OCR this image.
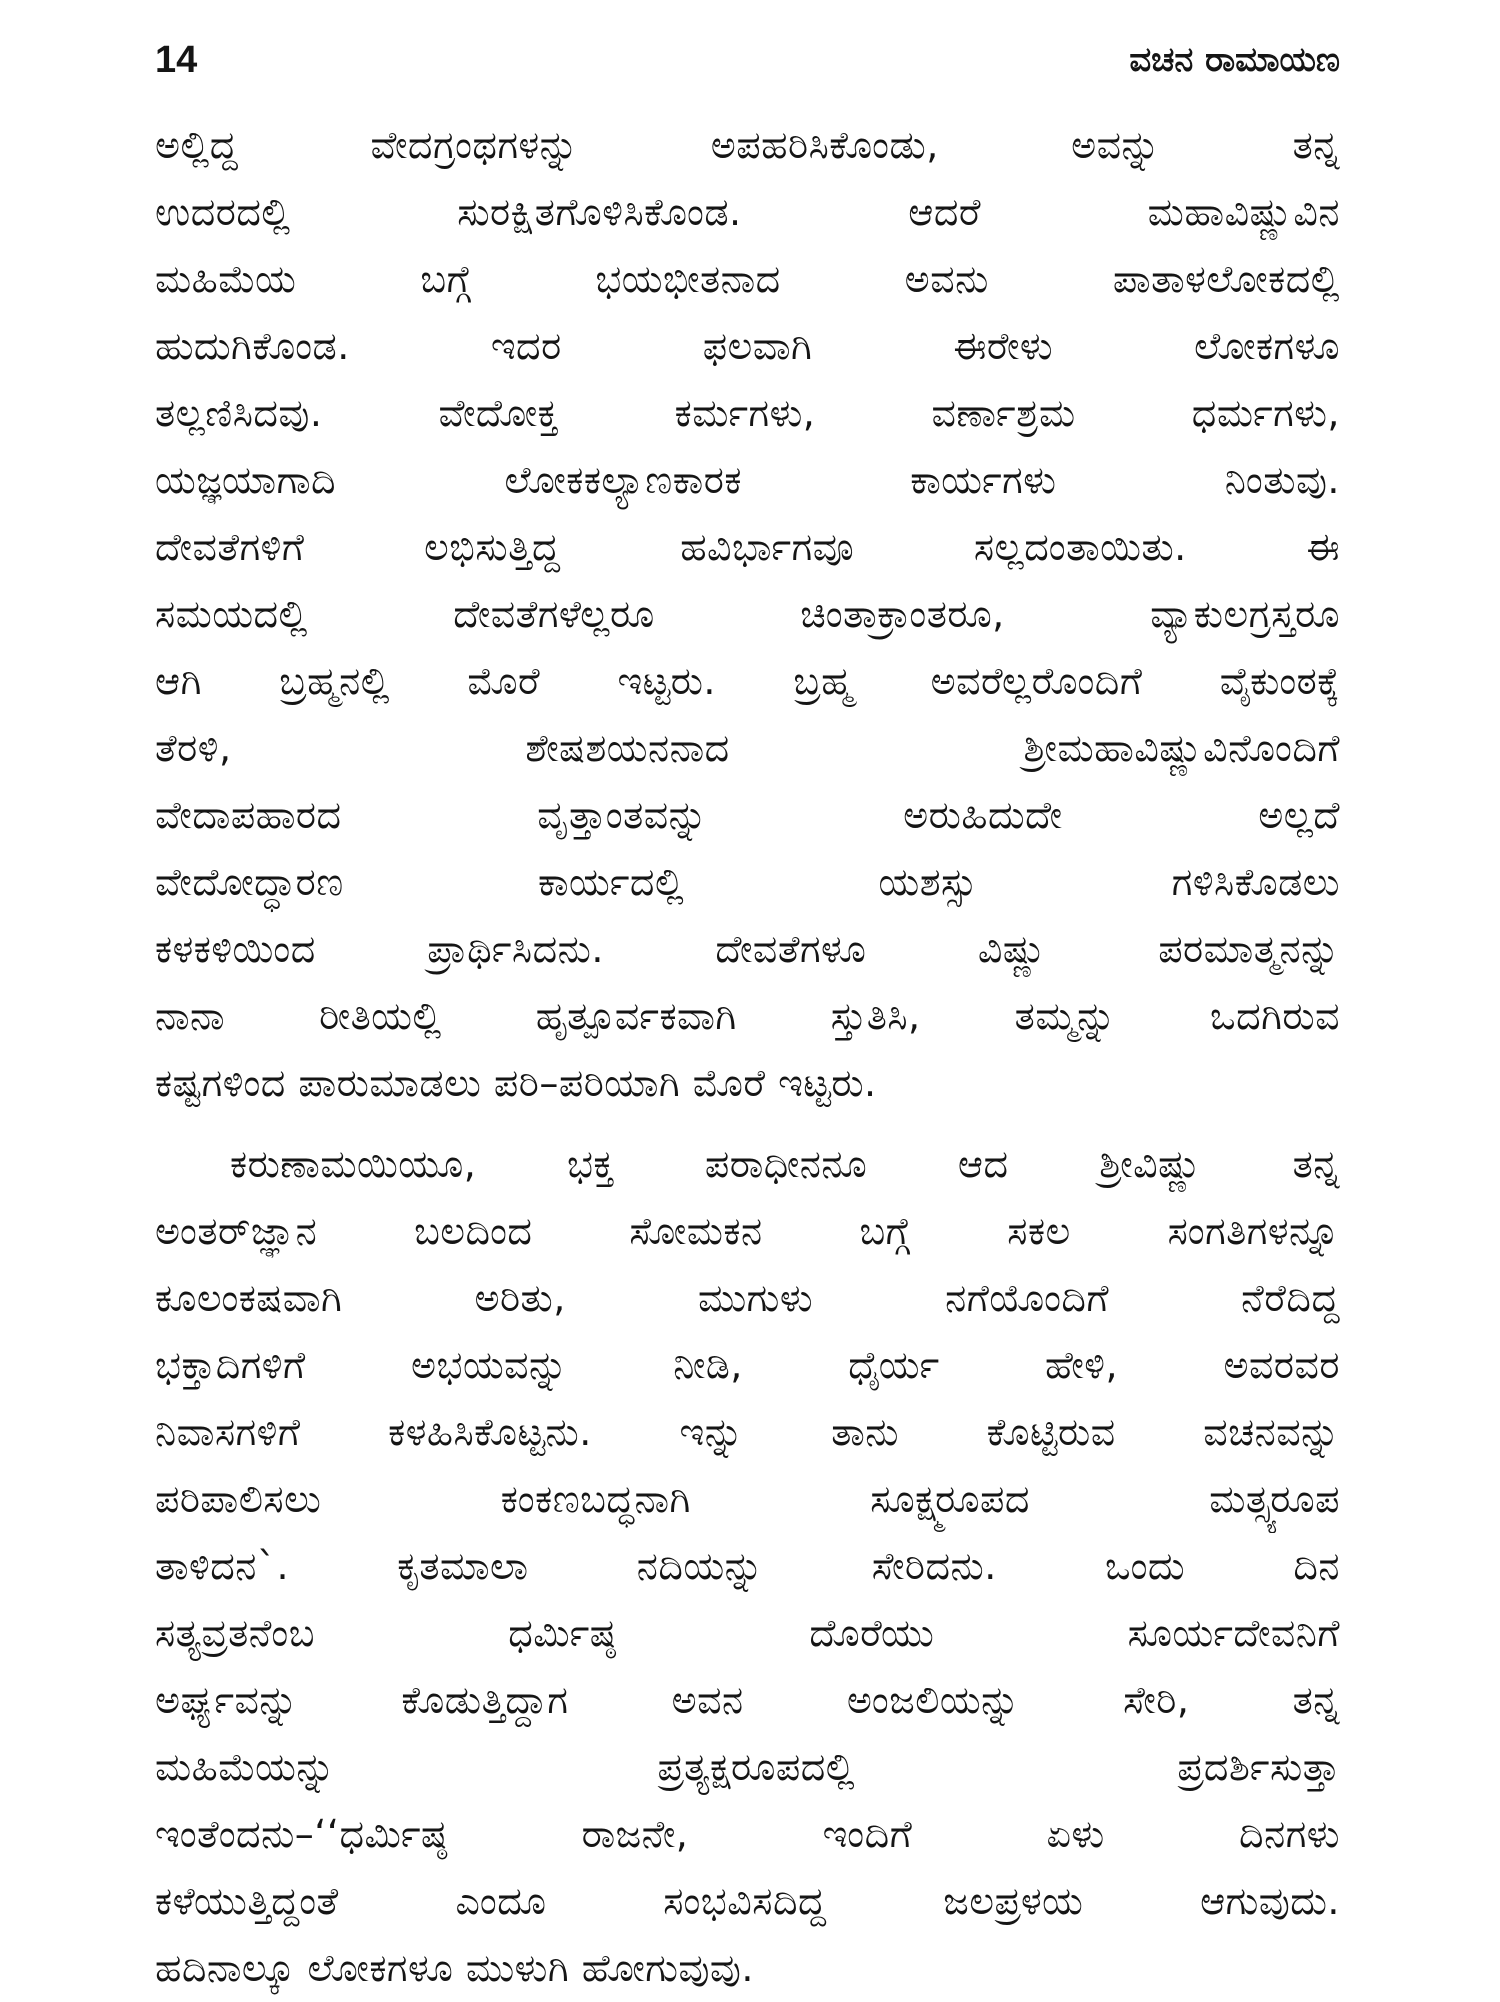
14	ವಚನ ರಾಮಾಯಣ
ಅಲ್ಲಿದ್ದ ವೇದಗ್ರಂಥಗಳನ್ನು ಅಪಹರಿಸಿಕೊಂಡು, ಅವನ್ನು ತನ್ನ
ಉದರದಲ್ಲಿ ಸುರಕ್ಷಿತಗೊಳಿಸಿಕೊಂಡ. ಆದರೆ ಮಹಾವಿಷ್ಣುವಿನ
ಮಹಿಮೆಯ ಬಗ್ಗೆ ಭಯಭೀತನಾದ ಅವನು ಪಾತಾಳಲೋಕದಲ್ಲಿ
ಹುದುಗಿಕೊಂಡ. ಇದರ ಫಲವಾಗಿ ಈರೇಳು ಲೋಕಗಳೂ
ತಲ್ಲಣಿಸಿದವು. ವೇದೋಕ್ತ ಕರ್ಮಗಳು, ವರ್ಣಾಶ್ರಮ ಧರ್ಮಗಳು,
ಯಜ್ಞಯಾಗಾದಿ ಲೋಕಕಲ್ಯಾಣಕಾರಕ ಕಾರ್ಯಗಳು ನಿಂತುವು.
ದೇವತೆಗಳಿಗೆ ಲಭಿಸುತ್ತಿದ್ದ ಹವಿರ್ಭಾಗವೂ ಸಲ್ಲದಂತಾಯಿತು. ಈ
ಸಮಯದಲ್ಲಿ ದೇವತೆಗಳೆಲ್ಲರೂ ಚಿಂತಾಕ್ರಾಂತರೂ, ವ್ಯಾಕುಲಗ್ರಸ್ತರೂ
ಆಗಿ ಬ್ರಹ್ಮನಲ್ಲಿ ಮೊರೆ ಇಟ್ಟರು. ಬ್ರಹ್ಮ ಅವರೆಲ್ಲರೊಂದಿಗೆ ವೈಕುಂಠಕ್ಕೆ
ತೆರಳಿ, ಶೇಷಶಯನನಾದ ಶ್ರೀಮಹಾವಿಷ್ಣುವಿನೊಂದಿಗೆ
ವೇದಾಪಹಾರದ ವೃತ್ತಾಂತವನ್ನು ಅರುಹಿದುದೇ ಅಲ್ಲದೆ
ವೇದೋದ್ಧಾರಣ ಕಾರ್ಯದಲ್ಲಿ ಯಶಸ್ಸು ಗಳಿಸಿಕೊಡಲು
ಕಳಕಳಿಯಿಂದ ಪ್ರಾರ್ಥಿಸಿದನು. ದೇವತೆಗಳೂ ವಿಷ್ಣು ಪರಮಾತ್ಮನನ್ನು
ನಾನಾ ರೀತಿಯಲ್ಲಿ ಹೃತ್ಪೂರ್ವಕವಾಗಿ ಸ್ತುತಿಸಿ, ತಮ್ಮನ್ನು ಒದಗಿರುವ
ಕಷ್ಟಗಳಿಂದ ಪಾರುಮಾಡಲು ಪರಿ–ಪರಿಯಾಗಿ ಮೊರೆ ಇಟ್ಟರು.
ಕರುಣಾಮಯಿಯೂ, ಭಕ್ತ ಪರಾಧೀನನೂ ಆದ ಶ್ರೀವಿಷ್ಣು ತನ್ನ
ಅಂತರ್‌ಜ್ಞಾನ ಬಲದಿಂದ ಸೋಮಕನ ಬಗ್ಗೆ ಸಕಲ ಸಂಗತಿಗಳನ್ನೂ
ಕೂಲಂಕಷವಾಗಿ ಅರಿತು, ಮುಗುಳು ನಗೆಯೊಂದಿಗೆ ನೆರೆದಿದ್ದ
ಭಕ್ತಾದಿಗಳಿಗೆ ಅಭಯವನ್ನು ನೀಡಿ, ಧೈರ್ಯ ಹೇಳಿ, ಅವರವರ
ನಿವಾಸಗಳಿಗೆ ಕಳಹಿಸಿಕೊಟ್ಟನು. ಇನ್ನು ತಾನು ಕೊಟ್ಟಿರುವ ವಚನವನ್ನು
ಪರಿಪಾಲಿಸಲು ಕಂಕಣಬದ್ಧನಾಗಿ ಸೂಕ್ಷ್ಮರೂಪದ ಮತ್ಸ್ಯರೂಪ
ತಾಳಿದನ`. ಕೃತಮಾಲಾ ನದಿಯನ್ನು ಸೇರಿದನು. ಒಂದು ದಿನ
ಸತ್ಯವ್ರತನೆಂಬ ಧರ್ಮಿಷ್ಠ ದೊರೆಯು ಸೂರ್ಯದೇವನಿಗೆ
ಅರ್ಘ್ಯವನ್ನು ಕೊಡುತ್ತಿದ್ದಾಗ ಅವನ ಅಂಜಲಿಯನ್ನು ಸೇರಿ, ತನ್ನ
ಮಹಿಮೆಯನ್ನು ಪ್ರತ್ಯಕ್ಷರೂಪದಲ್ಲಿ ಪ್ರದರ್ಶಿಸುತ್ತಾ
ಇಂತೆಂದನು–‘‘ಧರ್ಮಿಷ್ಠ ರಾಜನೇ, ಇಂದಿಗೆ ಏಳು ದಿನಗಳು
ಕಳೆಯುತ್ತಿದ್ದಂತೆ ಎಂದೂ ಸಂಭವಿಸದಿದ್ದ ಜಲಪ್ರಳಯ ಆಗುವುದು.
ಹದಿನಾಲ್ಕೂ ಲೋಕಗಳೂ ಮುಳುಗಿ ಹೋಗುವುವು.
